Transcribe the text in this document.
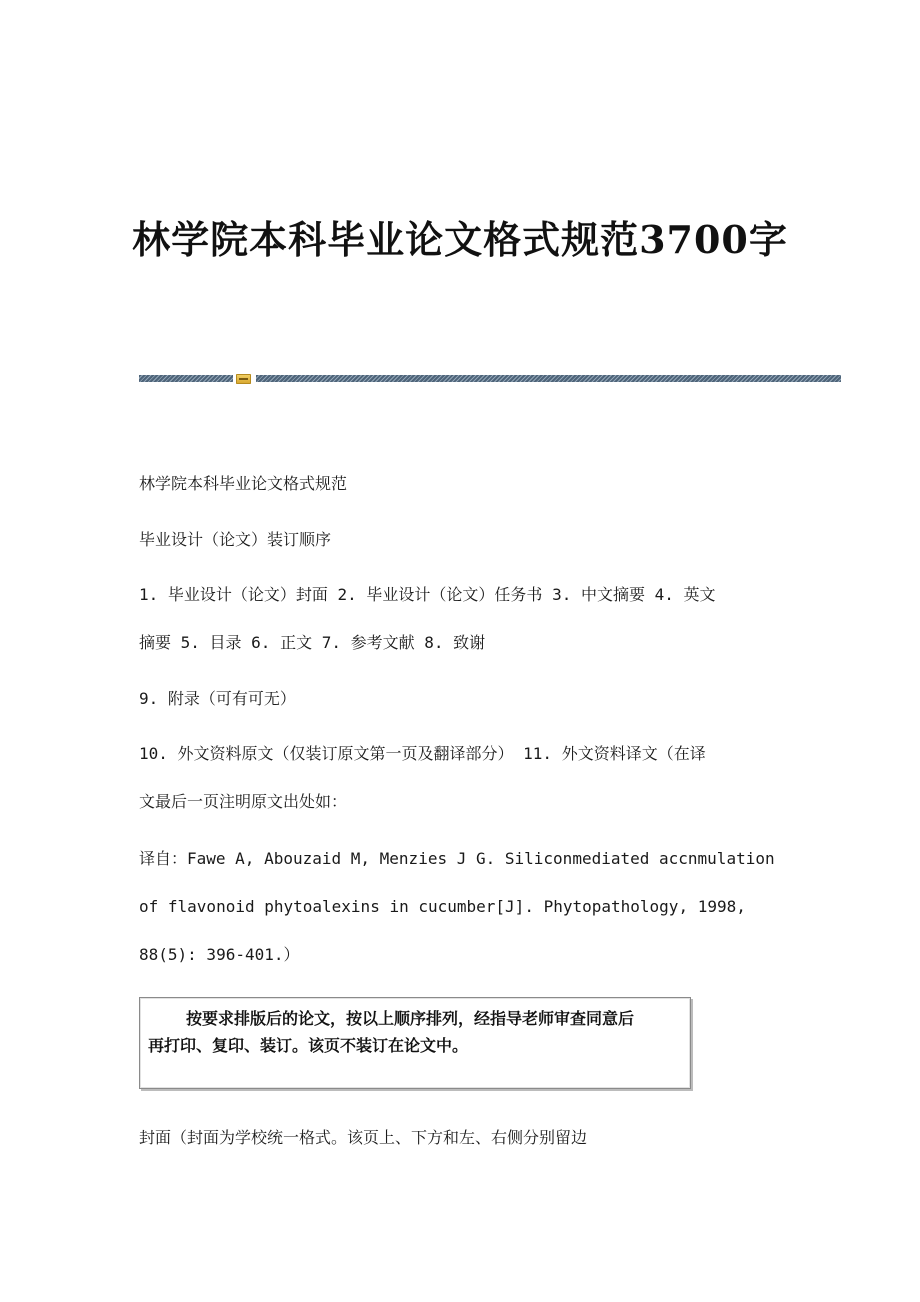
林学院本科毕业论文格式规范3700字
林学院本科毕业论文格式规范
毕业设计（论文）装订顺序
1. 毕业设计（论文）封面 2. 毕业设计（论文）任务书 3. 中文摘要 4. 英文
摘要 5. 目录 6. 正文 7. 参考文献 8. 致谢
9. 附录（可有可无）
10. 外文资料原文（仅装订原文第一页及翻译部分） 11. 外文资料译文（在译
文最后一页注明原文出处如：
译自：Fawe A, Abouzaid M, Menzies J G. Siliconmediated accnmulation
of flavonoid phytoalexins in cucumber[J]. Phytopathology, 1998,
88(5): 396-401.）
按要求排版后的论文，按以上顺序排列，经指导老师审查同意后
再打印、复印、装订。该页不装订在论文中。
封面（封面为学校统一格式。该页上、下方和左、右侧分别留边
